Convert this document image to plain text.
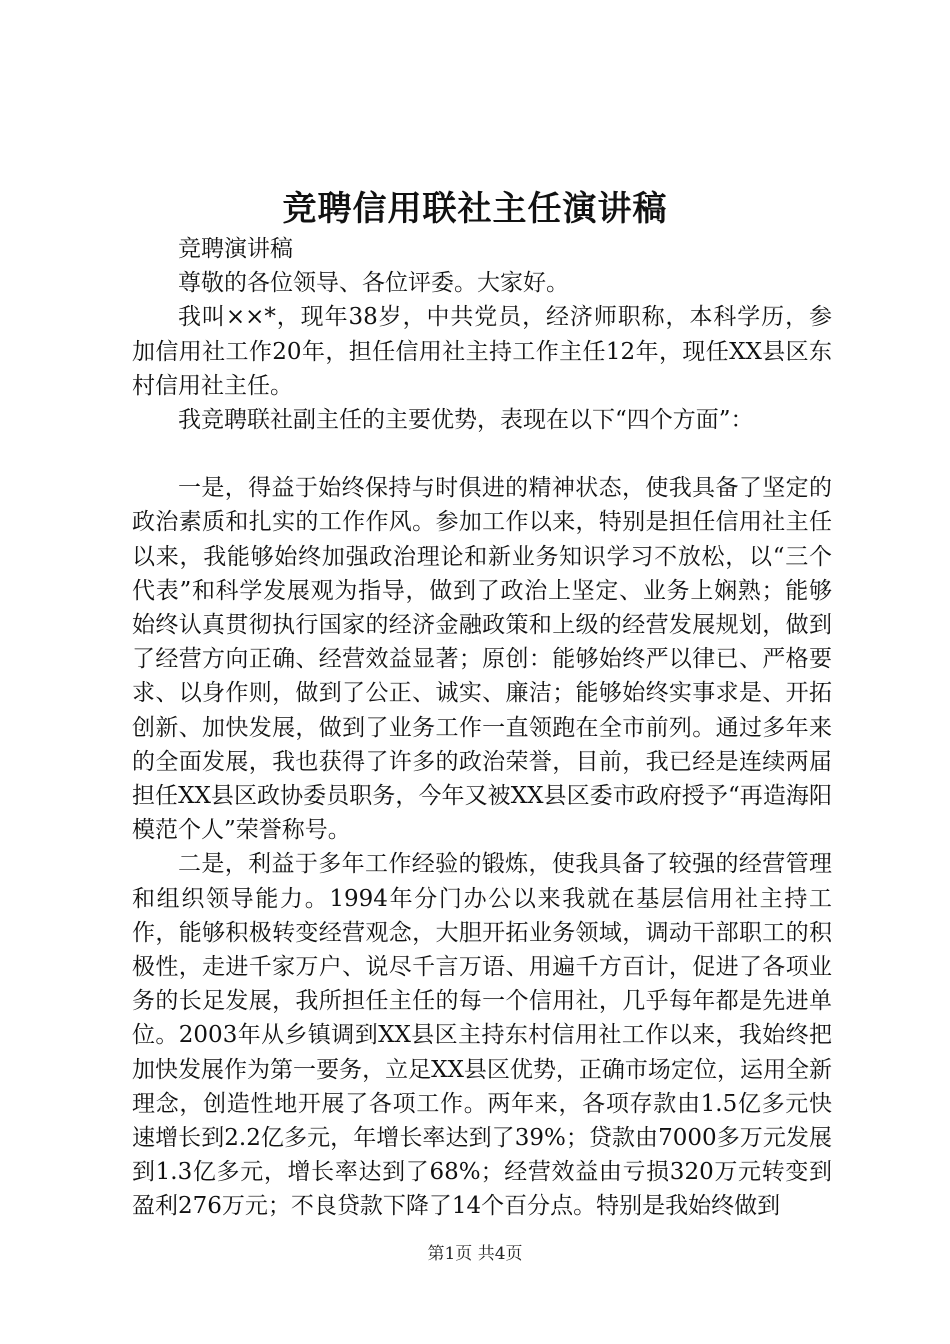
竞聘信用联社主任演讲稿

竞聘演讲稿

尊敬的各位领导、各位评委。大家好。

我叫××*，现年38岁，中共党员，经济师职称，本科学历，参加信用社工作20年，担任信用社主持工作主任12年，现任XX县区东村信用社主任。

我竞聘联社副主任的主要优势，表现在以下“四个方面”：

一是，得益于始终保持与时俱进的精神状态，使我具备了坚定的政治素质和扎实的工作作风。参加工作以来，特别是担任信用社主任以来，我能够始终加强政治理论和新业务知识学习不放松，以“三个代表”和科学发展观为指导，做到了政治上坚定、业务上娴熟；能够始终认真贯彻执行国家的经济金融政策和上级的经营发展规划，做到了经营方向正确、经营效益显著；原创：能够始终严以律已、严格要求、以身作则，做到了公正、诚实、廉洁；能够始终实事求是、开拓创新、加快发展，做到了业务工作一直领跑在全市前列。通过多年来的全面发展，我也获得了许多的政治荣誉，目前，我已经是连续两届担任XX县区政协委员职务，今年又被XX县区委市政府授予“再造海阳模范个人”荣誉称号。

二是，利益于多年工作经验的锻炼，使我具备了较强的经营管理和组织领导能力。1994年分门办公以来我就在基层信用社主持工作，能够积极转变经营观念，大胆开拓业务领域，调动干部职工的积极性，走进千家万户、说尽千言万语、用遍千方百计，促进了各项业务的长足发展，我所担任主任的每一个信用社，几乎每年都是先进单位。2003年从乡镇调到XX县区主持东村信用社工作以来，我始终把加快发展作为第一要务，立足XX县区优势，正确市场定位，运用全新理念，创造性地开展了各项工作。两年来，各项存款由1.5亿多元快速增长到2.2亿多元，年增长率达到了39%；贷款由7000多万元发展到1.3亿多元，增长率达到了68%；经营效益由亏损320万元转变到盈利276万元；不良贷款下降了14个百分点。特别是我始终做到

第1页 共4页
